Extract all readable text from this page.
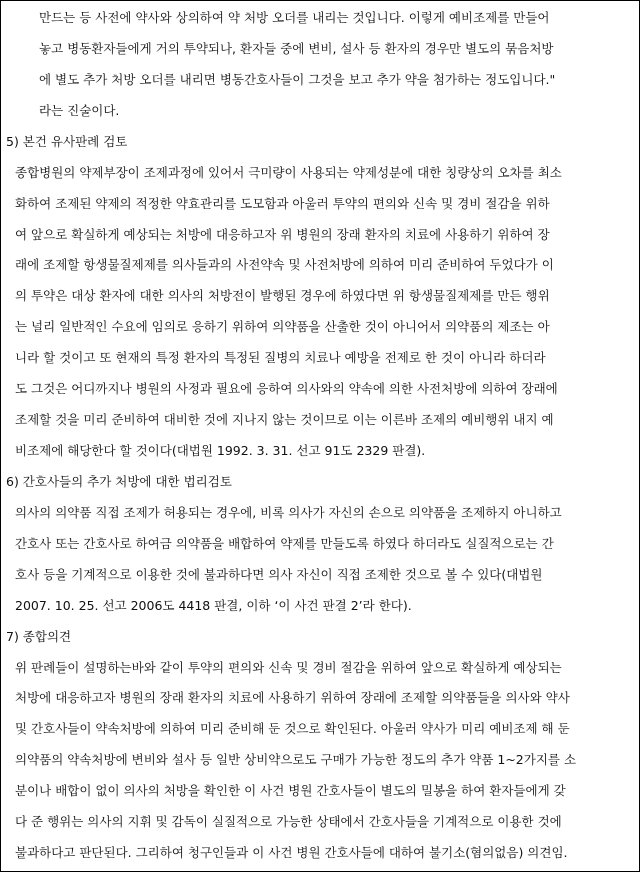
만드는 등 사전에 약사와 상의하여 약 처방 오더를 내리는 것입니다. 이렇게 예비조제를 만들어
놓고 병동환자들에게 거의 투약되나, 환자들 중에 변비, 설사 등 환자의 경우만 별도의 묶음처방
에 별도 추가 처방 오더를 내리면 병동간호사들이 그것을 보고 추가 약을 첨가하는 정도입니다."
라는 진술이다.
5) 본건 유사판례 검토
종합병원의 약제부장이 조제과정에 있어서 극미량이 사용되는 약제성분에 대한 칭량상의 오차를 최소
화하여 조제된 약제의 적정한 약효관리를 도모함과 아울러 투약의 편의와 신속 및 경비 절감을 위하
여 앞으로 확실하게 예상되는 처방에 대응하고자 위 병원의 장래 환자의 치료에 사용하기 위하여 장
래에 조제할 항생물질제제를 의사들과의 사전약속 및 사전처방에 의하여 미리 준비하여 두었다가 이
의 투약은 대상 환자에 대한 의사의 처방전이 발행된 경우에 하였다면 위 항생물질제제를 만든 행위
는 널리 일반적인 수요에 임의로 응하기 위하여 의약품을 산출한 것이 아니어서 의약품의 제조는 아
니라 할 것이고 또 현재의 특정 환자의 특정된 질병의 치료나 예방을 전제로 한 것이 아니라 하더라
도 그것은 어디까지나 병원의 사정과 필요에 응하여 의사와의 약속에 의한 사전처방에 의하여 장래에
조제할 것을 미리 준비하여 대비한 것에 지나지 않는 것이므로 이는 이른바 조제의 예비행위 내지 예
비조제에 해당한다 할 것이다(대법원 1992. 3. 31. 선고 91도 2329 판결).
6) 간호사들의 추가 처방에 대한 법리검토
의사의 의약품 직접 조제가 허용되는 경우에, 비록 의사가 자신의 손으로 의약품을 조제하지 아니하고
간호사 또는 간호사로 하여금 의약품을 배합하여 약제를 만들도록 하였다 하더라도 실질적으로는 간
호사 등을 기계적으로 이용한 것에 불과하다면 의사 자신이 직접 조제한 것으로 볼 수 있다(대법원
2007. 10. 25. 선고 2006도 4418 판결, 이하 ‘이 사건 판결 2’라 한다).
7) 종합의견
위 판례들이 설명하는바와 같이 투약의 편의와 신속 및 경비 절감을 위하여 앞으로 확실하게 예상되는
처방에 대응하고자 병원의 장래 환자의 치료에 사용하기 위하여 장래에 조제할 의약품들을 의사와 약사
및 간호사들이 약속처방에 의하여 미리 준비해 둔 것으로 확인된다. 아울러 약사가 미리 예비조제 해 둔
의약품의 약속처방에 변비와 설사 등 일반 상비약으로도 구매가 가능한 정도의 추가 약품 1~2가지를 소
분이나 배합이 없이 의사의 처방을 확인한 이 사건 병원 간호사들이 별도의 밀봉을 하여 환자들에게 갖
다 준 행위는 의사의 지휘 및 감독이 실질적으로 가능한 상태에서 간호사들을 기계적으로 이용한 것에
불과하다고 판단된다. 그리하여 청구인들과 이 사건 병원 간호사들에 대하여 불기소(혐의없음) 의견임.
